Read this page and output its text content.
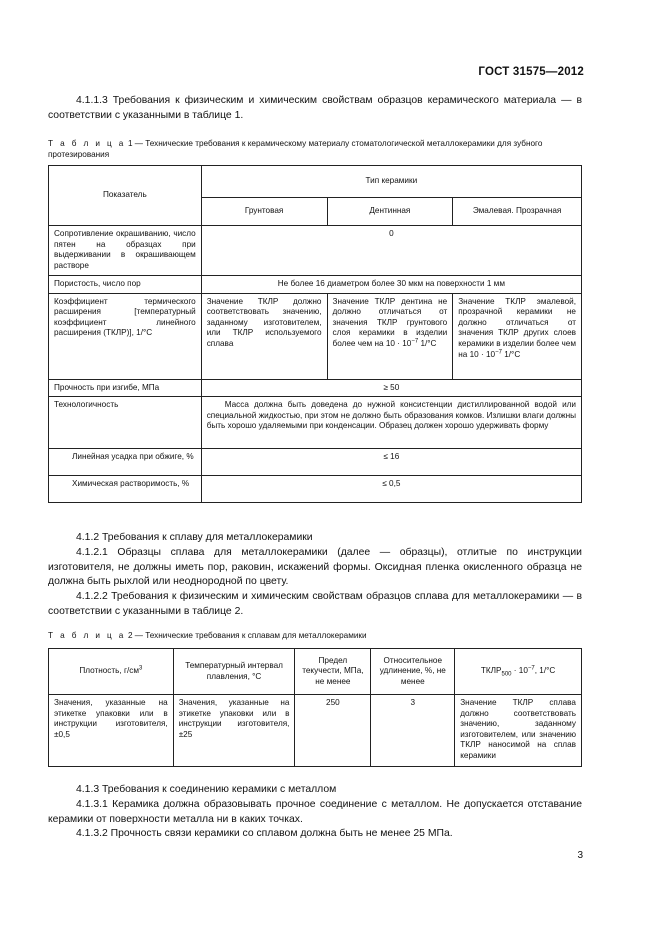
ГОСТ 31575—2012
4.1.1.3 Требования к физическим и химическим свойствам образцов керамического материала — в соответствии с указанными в таблице 1.
Т а б л и ц а 1 — Технические требования к керамическому материалу стоматологической металлокерамики для зубного протезирования
Показатель	Тип керамики		
	Грунтовая	Дентинная	Эмалевая. Прозрачная
Сопротивление окрашиванию, число пятен на образцах при выдерживании в окрашивающем растворе	0		
Пористость, число пор	Не более 16 диаметром более 30 мкм на поверхности 1 мм		
Коэффициент термического расширения [температурный коэффициент линейного расширения (ТКЛР)], 1/°С	Значение ТКЛР должно соответствовать значению, заданному изготовителем, или ТКЛР используемого сплава	Значение ТКЛР дентина не должно отличаться от значения ТКЛР грунтового слоя керамики в изделии более чем на $10 \cdot 10^{-7}$ 1/°С	Значение ТКЛР эмалевой, прозрачной керамики не должно отличаться от значения ТКЛР других слоев керамики в изделии более чем на $10 \cdot 10^{-7}$ 1/°С
Прочность при изгибе, МПа	≥ 50		
Технологичность	Масса должна быть доведена до нужной консистенции дистиллированной водой или специальной жидкостью, при этом не должно быть образования комков. Излишки влаги должны быть хорошо удаляемыми при конденсации. Образец должен хорошо удерживать форму		
Линейная усадка при обжиге, %	≤ 16		
Химическая растворимость, %	≤ 0,5		
4.1.2 Требования к сплаву для металлокерамики
4.1.2.1 Образцы сплава для металлокерамики (далее — образцы), отлитые по инструкции изготовителя, не должны иметь пор, раковин, искажений формы. Оксидная пленка окисленного образца не должна быть рыхлой или неоднородной по цвету.
4.1.2.2 Требования к физическим и химическим свойствам образцов сплава для металлокерамики — в соответствии с указанными в таблице 2.
Т а б л и ц а 2 — Технические требования к сплавам для металлокерамики
Плотность, $г/см^3$	Температурный интервал плавления, °С	Предел текучести, МПа, не менее	Относительное удлинение, %, не менее	$ТКЛР_{500} \cdot 10^{-7}$, 1/°С
Значения, указанные на этикетке упаковки или в инструкции изготовителя, ±0,5	Значения, указанные на этикетке упаковки или в инструкции изготовителя, ±25	250	3	Значение ТКЛР сплава должно соответствовать значению, заданному изготовителем, или значению ТКЛР наносимой на сплав керамики
4.1.3 Требования к соединению керамики с металлом
4.1.3.1 Керамика должна образовывать прочное соединение с металлом. Не допускается отставание керамики от поверхности металла ни в каких точках.
4.1.3.2 Прочность связи керамики со сплавом должна быть не менее 25 МПа.
3
